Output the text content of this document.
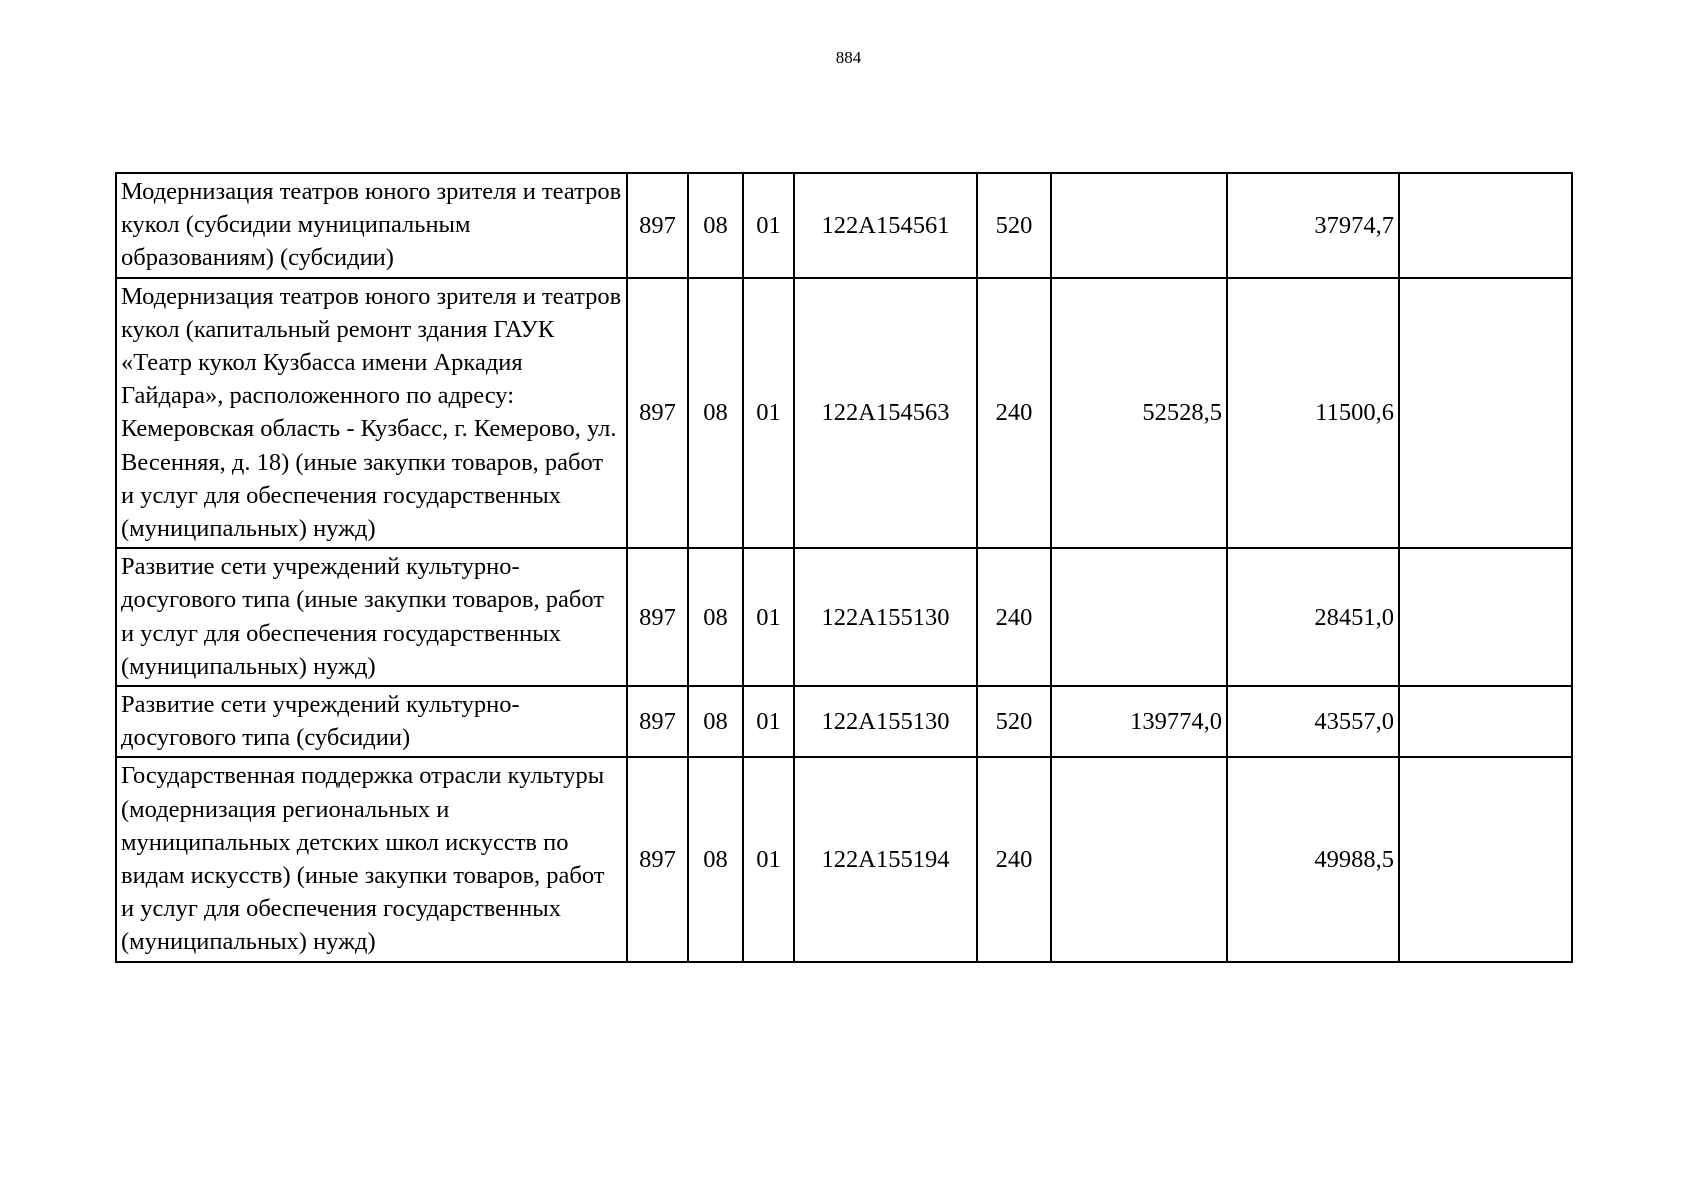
884
Модернизация театров юного зрителя и театров кукол (субсидии муниципальным образованиям) (субсидии)	897	08	01	122A154561	520		37974,7	
Модернизация театров юного зрителя и театров кукол (капитальный ремонт здания ГАУК «Театр кукол Кузбасса имени Аркадия Гайдара», расположенного по адресу: Кемеровская область - Кузбасс, г. Кемерово, ул. Весенняя, д. 18) (иные закупки товаров, работ и услуг для обеспечения государственных (муниципальных) нужд)	897	08	01	122A154563	240	52528,5	11500,6	
Развитие сети учреждений культурно-досугового типа (иные закупки товаров, работ и услуг для обеспечения государственных (муниципальных) нужд)	897	08	01	122A155130	240		28451,0	
Развитие сети учреждений культурно-досугового типа (субсидии)	897	08	01	122A155130	520	139774,0	43557,0	
Государственная поддержка отрасли культуры (модернизация региональных и муниципальных детских школ искусств по видам искусств) (иные закупки товаров, работ и услуг для обеспечения государственных (муниципальных) нужд)	897	08	01	122A155194	240		49988,5	
